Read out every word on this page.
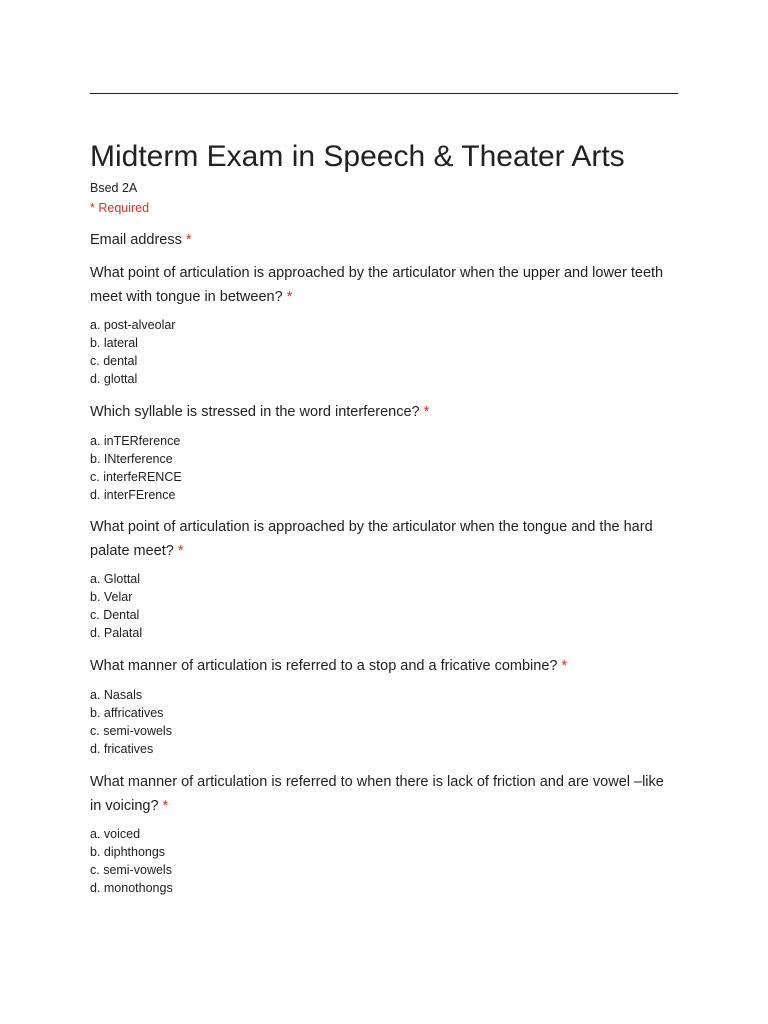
Midterm Exam in Speech & Theater Arts
Bsed 2A
* Required
Email address *
What point of articulation is approached by the articulator when the upper and lower teeth meet with tongue in between? *
a. post-alveolar
b. lateral
c. dental
d. glottal
Which syllable is stressed in the word interference? *
a. inTERference
b. INterference
c. interfeRENCE
d. interFErence
What point of articulation is approached by the articulator when the tongue and the hard palate meet? *
a. Glottal
b. Velar
c. Dental
d. Palatal
What manner of articulation is referred to a stop and a fricative combine? *
a. Nasals
b. affricatives
c. semi-vowels
d. fricatives
What manner of articulation is referred to when there is lack of friction and are vowel –like in voicing? *
a. voiced
b. diphthongs
c. semi-vowels
d. monothongs
